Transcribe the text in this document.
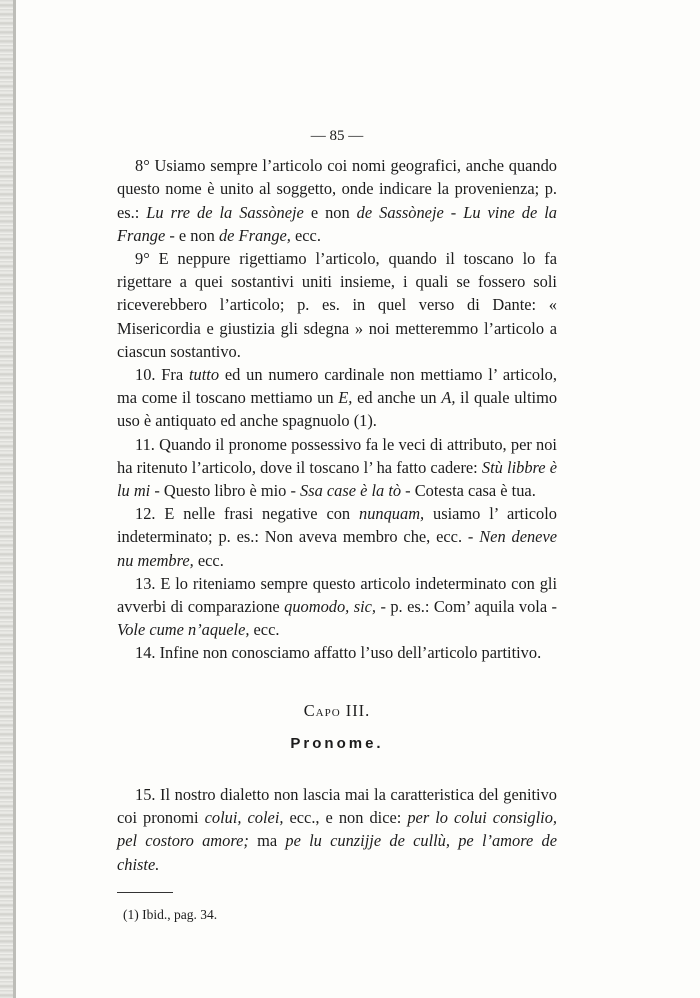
— 85 —

8° Usiamo sempre l’articolo coi nomi geografici, anche quando questo nome è unito al soggetto, onde indicare la provenienza; p. es.: Lu rre de la Sassòneje e non de Sassòneje - Lu vine de la Frange - e non de Frange, ecc.

9° E neppure rigettiamo l’articolo, quando il toscano lo fa rigettare a quei sostantivi uniti insieme, i quali se fossero soli riceverebbero l’articolo; p. es. in quel verso di Dante: « Misericordia e giustizia gli sdegna » noi metteremmo l’articolo a ciascun sostantivo.

10. Fra tutto ed un numero cardinale non mettiamo l’ articolo, ma come il toscano mettiamo un E, ed anche un A, il quale ultimo uso è antiquato ed anche spagnuolo (1).

11. Quando il pronome possessivo fa le veci di attributo, per noi ha ritenuto l’articolo, dove il toscano l’ ha fatto cadere: Stù libbre è lu mi - Questo libro è mio - Ssa case è la tò - Cotesta casa è tua.

12. E nelle frasi negative con nunquam, usiamo l’ articolo indeterminato; p. es.: Non aveva membro che, ecc. - Nen deneve nu membre, ecc.

13. E lo riteniamo sempre questo articolo indeterminato con gli avverbi di comparazione quomodo, sic, - p. es.: Com’ aquila vola - Vole cume n’aquele, ecc.

14. Infine non conosciamo affatto l’uso dell’articolo partitivo.

Capo III.
Pronome.

15. Il nostro dialetto non lascia mai la caratteristica del genitivo coi pronomi colui, colei, ecc., e non dice: per lo colui consiglio, pel costoro amore; ma pe lu cunzijje de cullù, pe l’amore de chiste.

(1) Ibid., pag. 34.
